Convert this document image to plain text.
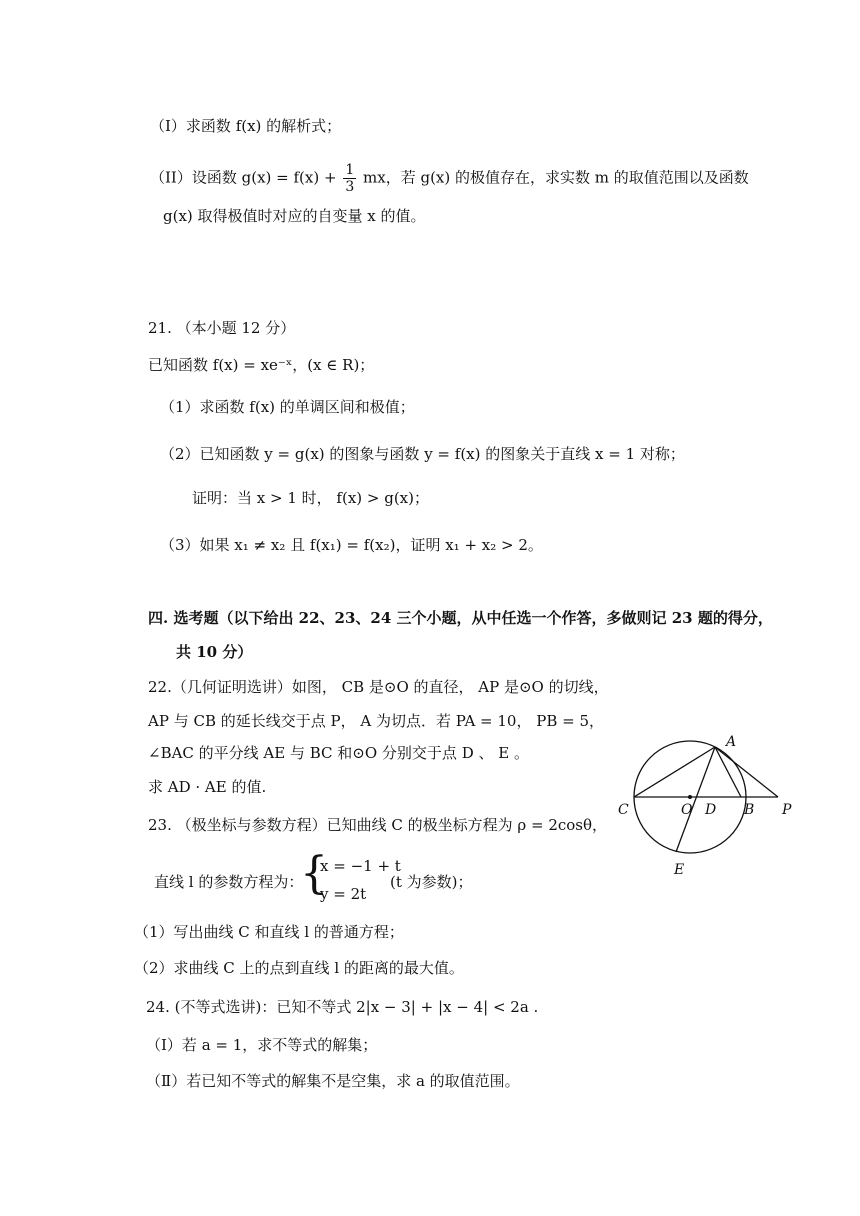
（I）求函数 f(x) 的解析式；
（II）设函数 $g(x) = f(x) + \frac{1}{3}$ mx，若 g(x) 的极值存在，求实数 m 的取值范围以及函数
g(x) 取得极值时对应的自变量 x 的值。
21. （本小题 12 分）
已知函数 f(x) = xe⁻ˣ，(x ∈ R)；
（1）求函数 f(x) 的单调区间和极值；
（2）已知函数 y = g(x) 的图象与函数 y = f(x) 的图象关于直线 x = 1 对称；
证明：当 x > 1 时， f(x) > g(x)；
（3）如果 x₁ ≠ x₂ 且 f(x₁) = f(x₂)，证明 x₁ + x₂ > 2。
四. 选考题（以下给出 22、23、24 三个小题，从中任选一个作答，多做则记 23 题的得分，
共 10 分）
22.（几何证明选讲）如图， CB 是⊙O 的直径， AP 是⊙O 的切线，
AP 与 CB 的延长线交于点 P， A 为切点．若 PA = 10， PB = 5，
∠BAC 的平分线 AE 与 BC 和⊙O 分别交于点 D 、 E 。
求 AD · AE 的值.
23. （极坐标与参数方程）已知曲线 C 的极坐标方程为 ρ = 2cosθ，
直线 l 的参数方程为：
{
x = −1 + t
y = 2t
(t 为参数)；
（1）写出曲线 C 和直线 l 的普通方程；
（2）求曲线 C 上的点到直线 l 的距离的最大值。
24. (不等式选讲)：已知不等式 2|x − 3| + |x − 4| < 2a .
（Ⅰ）若 a = 1，求不等式的解集；
（Ⅱ）若已知不等式的解集不是空集，求 a 的取值范围。
A
C	O D B P
E
